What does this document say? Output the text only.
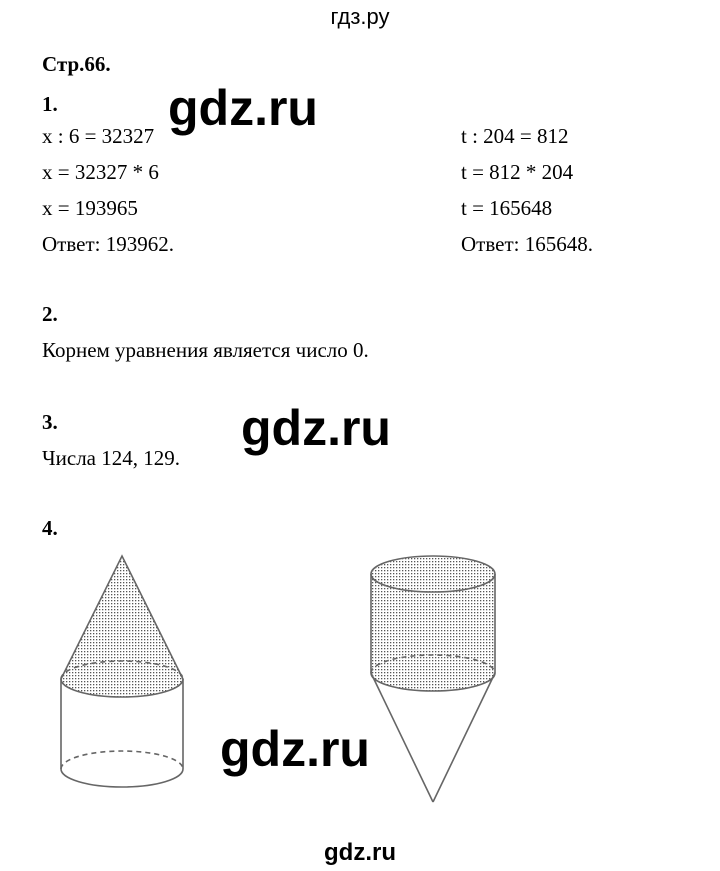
гдз.ру
Стр.66.
1.
x : 6 = 32327
x = 32327 * 6
x = 193965
Ответ: 193962.
t : 204 = 812
t = 812 * 204
t = 165648
Ответ: 165648.
2.
Корнем уравнения является число 0.
3.
Числа 124, 129.
4.
gdz.ru
gdz.ru
gdz.ru
gdz.ru
